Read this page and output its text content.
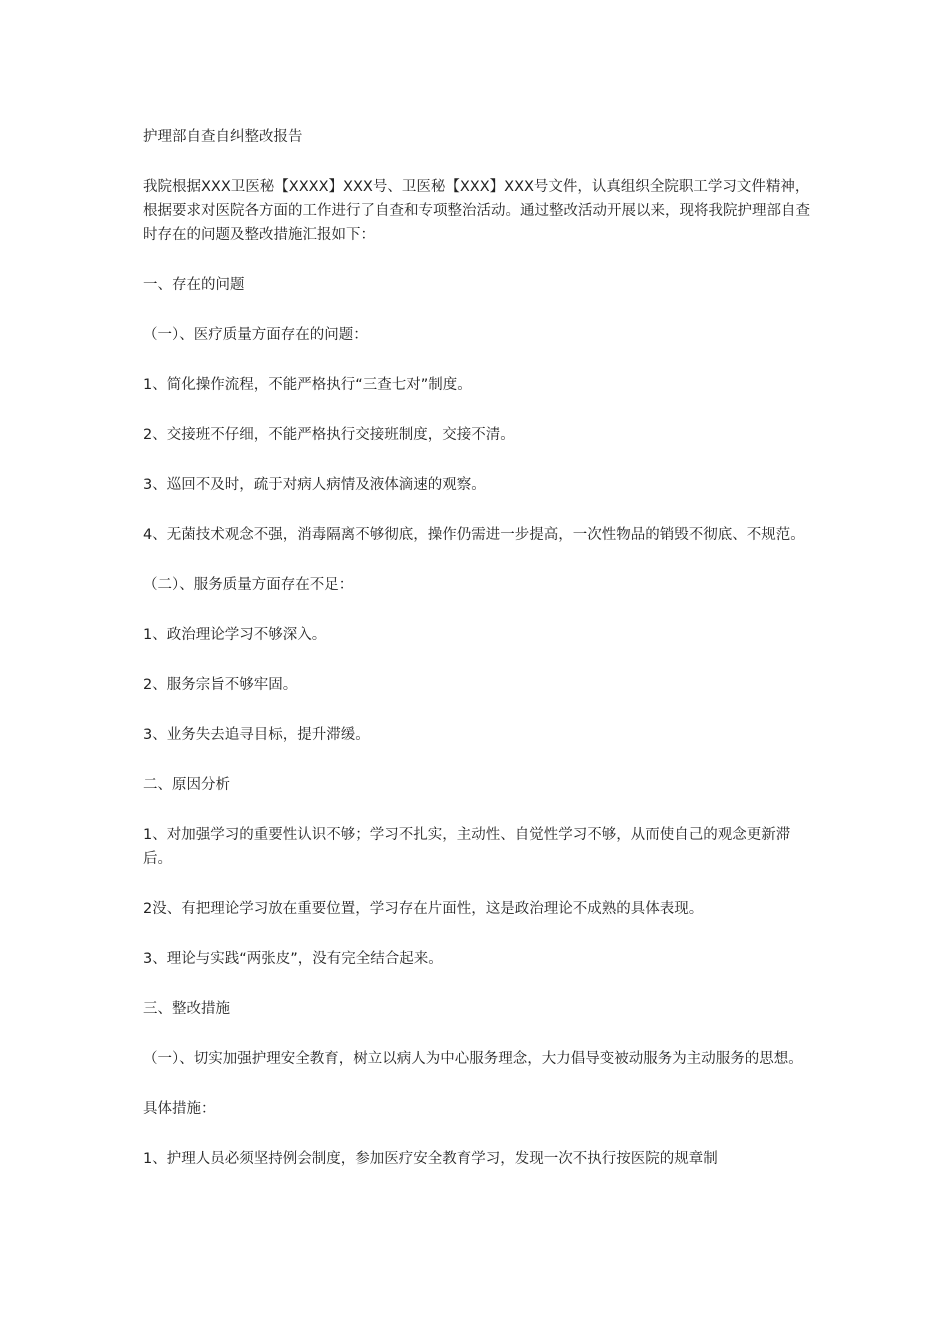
护理部自查自纠整改报告

我院根据XXX卫医秘【XXXX】XXX号、卫医秘【XXX】XXX号文件，认真组织全院职工学习文件精神，根据要求对医院各方面的工作进行了自查和专项整治活动。通过整改活动开展以来，现将我院护理部自查时存在的问题及整改措施汇报如下：

一、存在的问题

（一）、医疗质量方面存在的问题：

1、简化操作流程，不能严格执行“三查七对”制度。

2、交接班不仔细，不能严格执行交接班制度，交接不清。

3、巡回不及时，疏于对病人病情及液体滴速的观察。

4、无菌技术观念不强，消毒隔离不够彻底，操作仍需进一步提高，一次性物品的销毁不彻底、不规范。

（二）、服务质量方面存在不足：

1、政治理论学习不够深入。

2、服务宗旨不够牢固。

3、业务失去追寻目标，提升滞缓。

二、原因分析

1、对加强学习的重要性认识不够；学习不扎实，主动性、自觉性学习不够，从而使自己的观念更新滞后。

2没、有把理论学习放在重要位置，学习存在片面性，这是政治理论不成熟的具体表现。

3、理论与实践“两张皮”，没有完全结合起来。

三、整改措施

（一）、切实加强护理安全教育，树立以病人为中心服务理念，大力倡导变被动服务为主动服务的思想。

具体措施：

1、护理人员必须坚持例会制度，参加医疗安全教育学习，发现一次不执行按医院的规章制
